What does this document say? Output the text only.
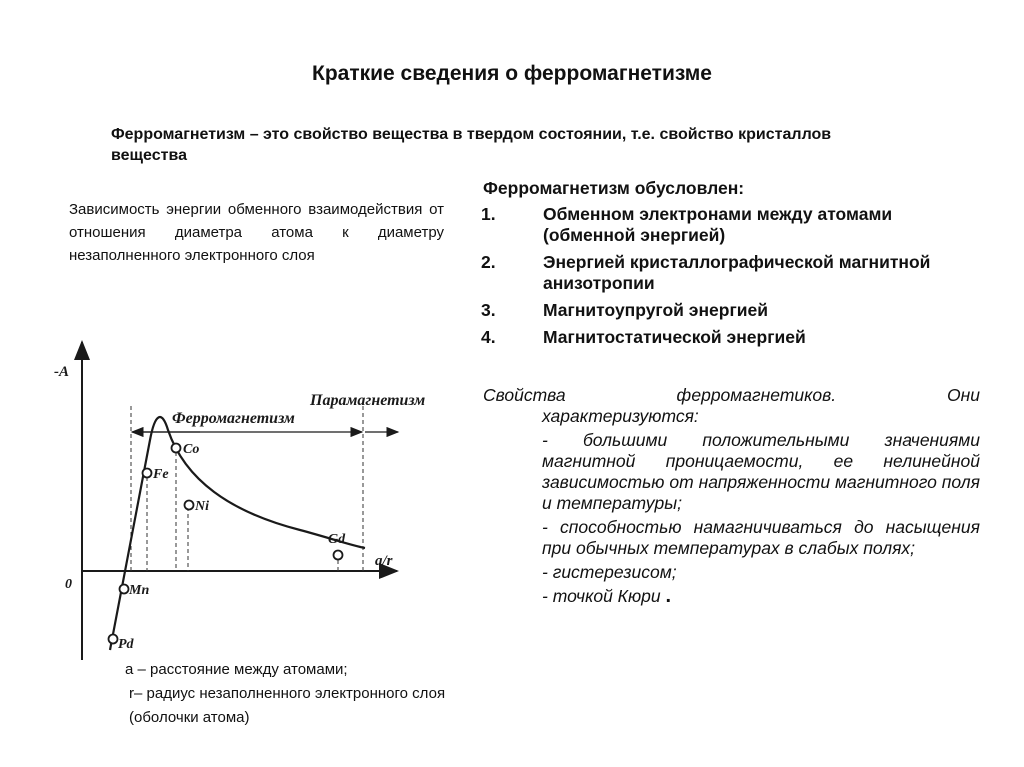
Краткие сведения о ферромагнетизме
Ферромагнетизм – это свойство вещества в твердом состоянии, т.е. свойство кристаллов вещества
Зависимость энергии обменного взаимодействия от отношения диаметра атома к диаметру незаполненного электронного слоя
Ферромагнетизм обусловлен:
1.	Обменном электронами между атомами (обменной энергией)
2.	Энергией кристаллографической магнитной анизотропии
3.	Магнитоупругой энергией
4.	Магнитостатической энергией
Свойства	ферромагнетиков.	Они
характеризуются:

- большими положительными значениями магнитной проницаемости, ее нелинейной зависимостью от напряженности магнитного поля и температуры;

- способностью намагничиваться до насыщения при обычных температурах в слабых полях;

- гистерезисом;

- точкой Кюри .

-A
a/r
0
Ферромагнетизм
Парамагнетизм
Pd
Mn
Fe
Co
Ni
Gd
а – расстояние между атомами;
r– радиус незаполненного электронного слоя (оболочки атома)
